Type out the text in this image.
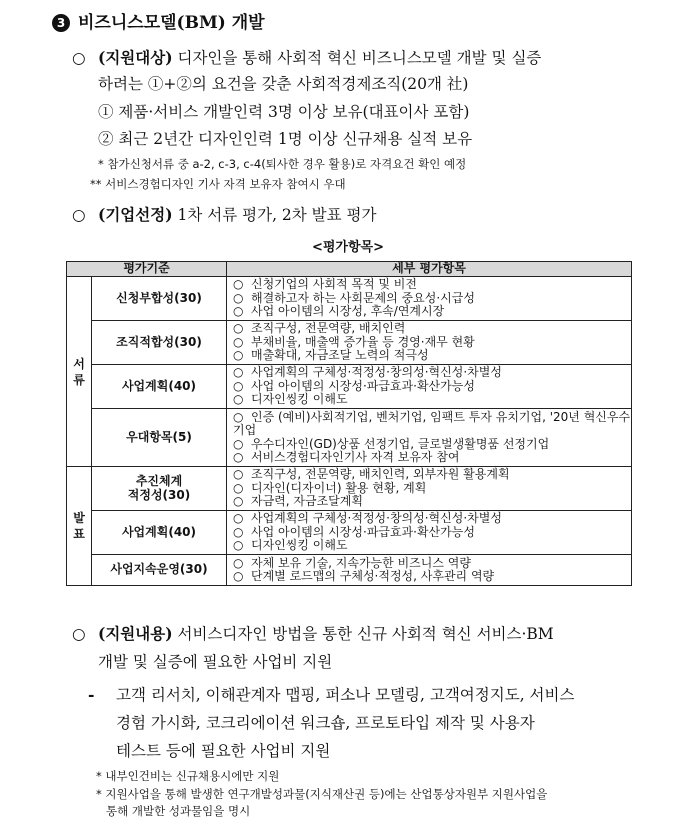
3 비즈니스모델(BM) 개발
○ (지원대상) 디자인을 통해 사회적 혁신 비즈니스모델 개발 및 실증
하려는 ①+②의 요건을 갖춘 사회적경제조직(20개 社)
① 제품·서비스 개발인력 3명 이상 보유(대표이사 포함)
② 최근 2년간 디자인인력 1명 이상 신규채용 실적 보유
* 참가신청서류 중 a-2, c-3, c-4(퇴사한 경우 활용)로 자격요건 확인 예정
** 서비스경험디자인 기사 자격 보유자 참여시 우대
○ (기업선정) 1차 서류 평가, 2차 발표 평가
<평가항목>
평가기준		세부 평가항목
서
류	신청부합성(30)	○ 신청기업의 사회적 목적 및 비전
○ 해결하고자 하는 사회문제의 중요성·시급성
○ 사업 아이템의 시장성, 후속/연계시장

	조직적합성(30)	○ 조직구성, 전문역량, 배치인력
○ 부채비율, 매출액 증가율 등 경영·재무 현황
○ 매출확대, 자금조달 노력의 적극성

	사업계획(40)	○ 사업계획의 구체성·적정성·창의성·혁신성·차별성
○ 사업 아이템의 시장성·파급효과·확산가능성
○ 디자인씽킹 이해도

	우대항목(5)	○ 인증 (예비)사회적기업, 벤처기업, 임팩트 투자 유치기업, '20년 혁신우수기업
○ 우수디자인(GD)상품 선정기업, 글로벌생활명품 선정기업
○ 서비스경험디자인기사 자격 보유자 참여

발
표	추진체계
적정성(30)	○ 조직구성, 전문역량, 배치인력, 외부자원 활용계획
○ 디자인(디자이너) 활용 현황, 계획
○ 자금력, 자금조달계획

	사업계획(40)	○ 사업계획의 구체성·적정성·창의성·혁신성·차별성
○ 사업 아이템의 시장성·파급효과·확산가능성
○ 디자인씽킹 이해도

	사업지속운영(30)	○ 자체 보유 기술, 지속가능한 비즈니스 역량
○ 단계별 로드맵의 구체성·적정성, 사후관리 역량
○ (지원내용) 서비스디자인 방법을 통한 신규 사회적 혁신 서비스·BM
개발 및 실증에 필요한 사업비 지원
- 고객 리서치, 이해관계자 맵핑, 퍼소나 모델링, 고객여정지도, 서비스
경험 가시화, 코크리에이션 워크숍, 프로토타입 제작 및 사용자
테스트 등에 필요한 사업비 지원
* 내부인건비는 신규채용시에만 지원
* 지원사업을 통해 발생한 연구개발성과물(지식재산권 등)에는 산업통상자원부 지원사업을
통해 개발한 성과물임을 명시
